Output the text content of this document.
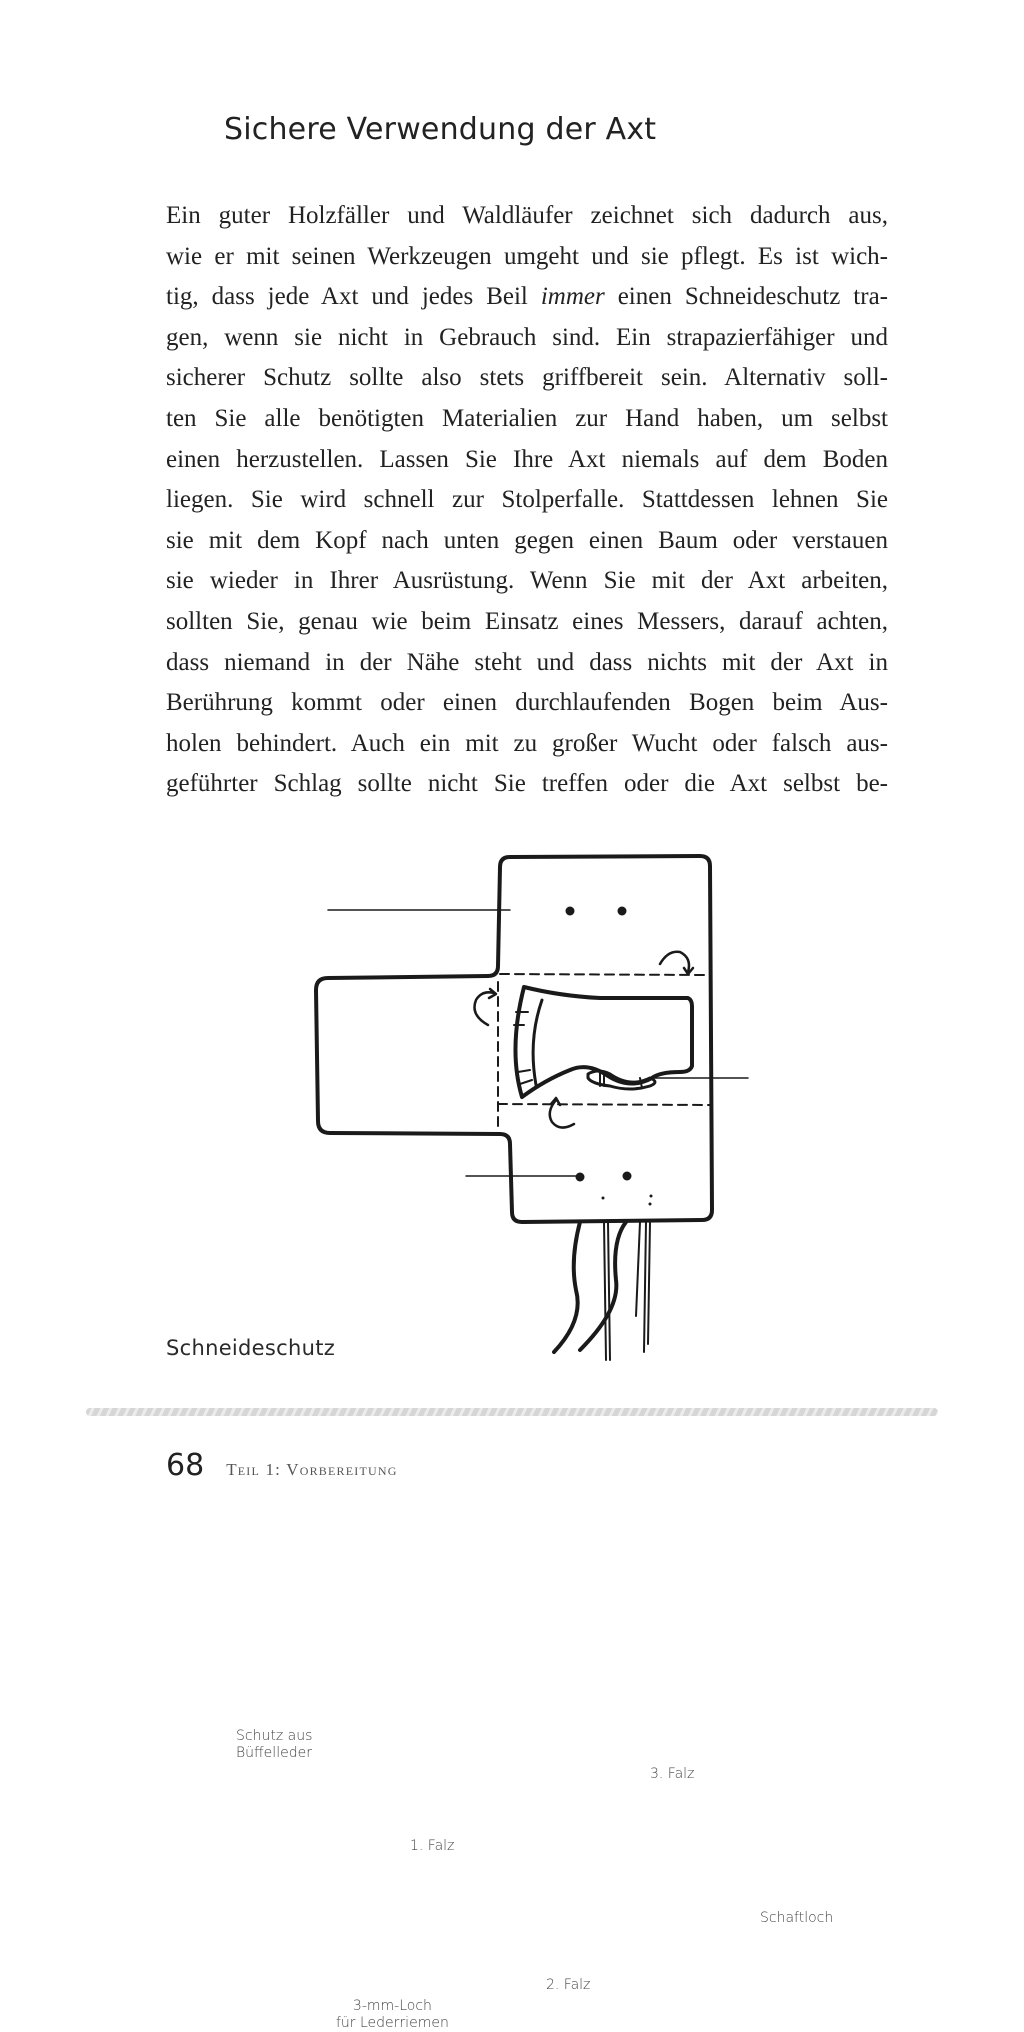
Sichere Verwendung der Axt
Ein guter Holzfäller und Waldläufer zeichnet sich dadurch aus,
wie er mit seinen Werkzeugen umgeht und sie pflegt. Es ist wich-
tig, dass jede Axt und jedes Beil immer einen Schneideschutz tra-
gen, wenn sie nicht in Gebrauch sind. Ein strapazierfähiger und
sicherer Schutz sollte also stets griffbereit sein. Alternativ soll-
ten Sie alle benötigten Materialien zur Hand haben, um selbst
einen herzustellen. Lassen Sie Ihre Axt niemals auf dem Boden
liegen. Sie wird schnell zur Stolperfalle. Stattdessen lehnen Sie
sie mit dem Kopf nach unten gegen einen Baum oder verstauen
sie wieder in Ihrer Ausrüstung. Wenn Sie mit der Axt arbeiten,
sollten Sie, genau wie beim Einsatz eines Messers, darauf achten,
dass niemand in der Nähe steht und dass nichts mit der Axt in
Berührung kommt oder einen durchlaufenden Bogen beim Aus-
holen behindert. Auch ein mit zu großer Wucht oder falsch aus-
geführter Schlag sollte nicht Sie treffen oder die Axt selbst be-
Schutz aus
Büffelleder
1. Falz
3. Falz
2. Falz
Schaftloch
3-mm-Loch
für Lederriemen
Schneideschutz
68 Teil 1: Vorbereitung
